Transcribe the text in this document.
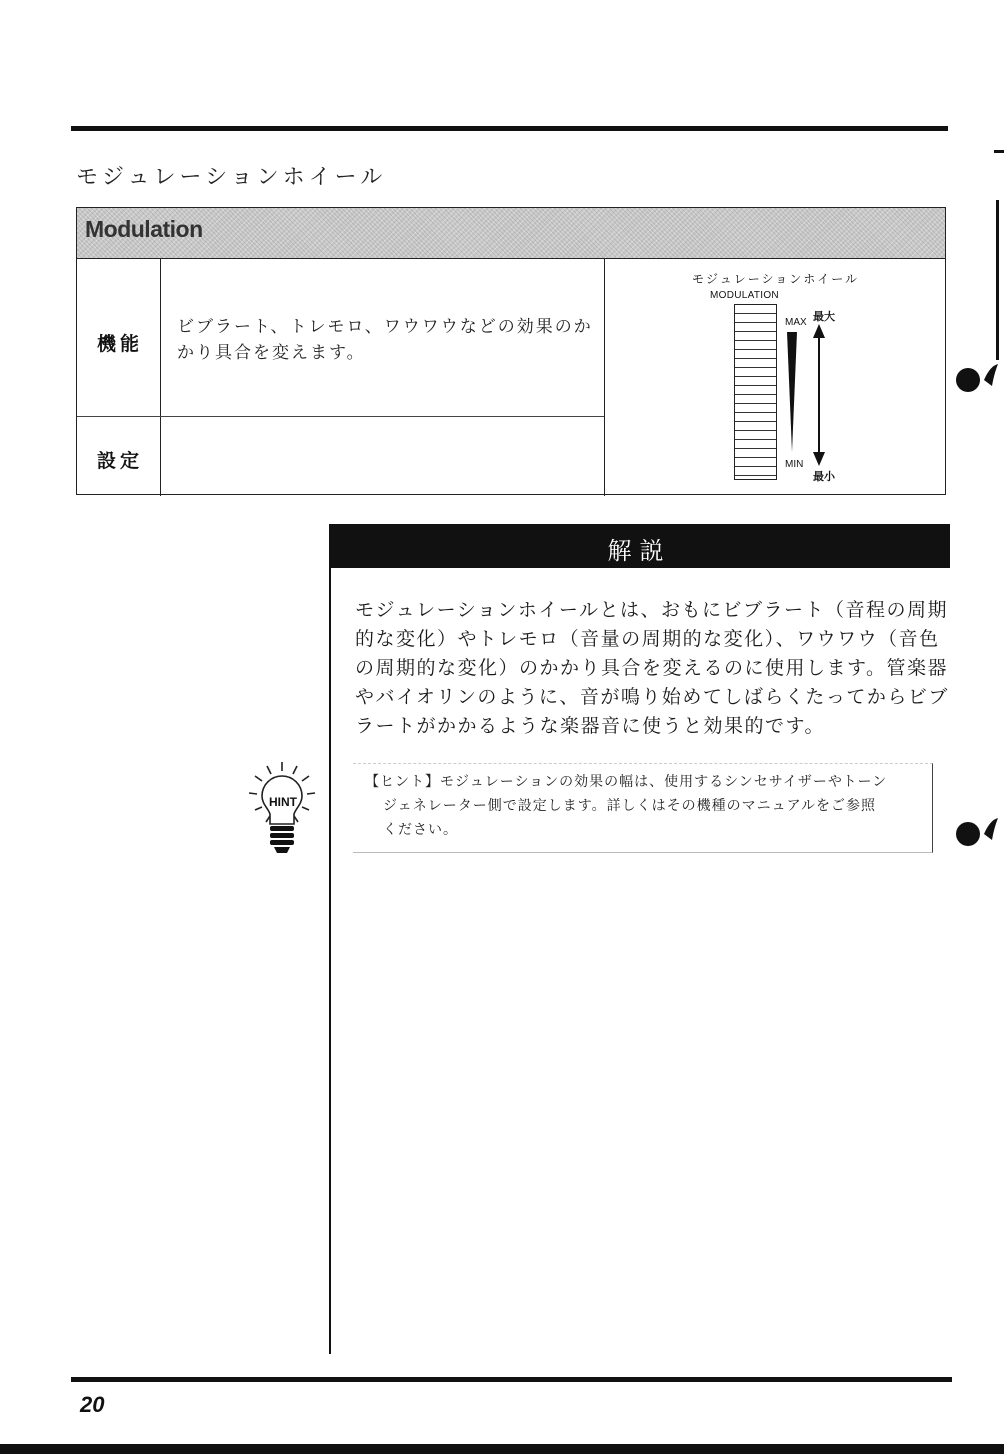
モジュレーションホイール
Modulation
機能
ビブラート、トレモロ、ワウワウなどの効果のか
かり具合を変えます。
設定
モジュレーションホイール
MODULATION
MAX
MIN
最大
最小
解説
モジュレーションホイールとは、おもにビブラート（音程の周期
的な変化）やトレモロ（音量の周期的な変化）、ワウワウ（音色
の周期的な変化）のかかり具合を変えるのに使用します。管楽器
やバイオリンのように、音が鳴り始めてしばらくたってからビブ
ラートがかかるような楽器音に使うと効果的です。
HINT
【ヒント】モジュレーションの効果の幅は、使用するシンセサイザーやトーン
ジェネレーター側で設定します。詳しくはその機種のマニュアルをご参照
ください。
20
